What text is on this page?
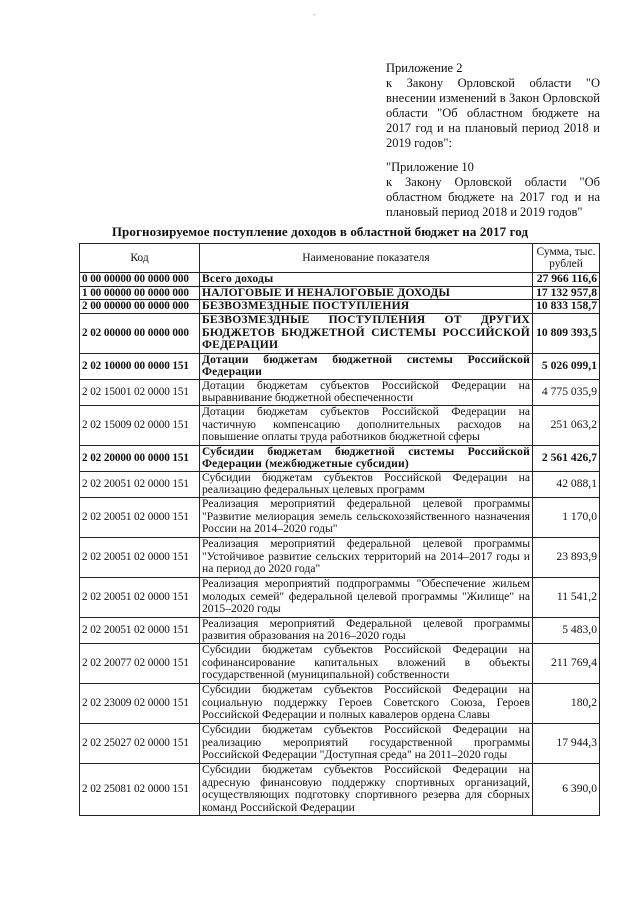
-

Приложение 2

к Закону Орловской области "О внесении изменений в Закон Орловской области "Об областном бюджете на 2017 год и на плановый период 2018 и 2019 годов":

"Приложение 10

к Закону Орловской области "Об областном бюджете на 2017 год и на плановый период 2018 и 2019 годов"

Прогнозируемое поступление доходов в областной бюджет на 2017 год
Код	Наименование показателя	Сумма, тыс. рублей
0 00 00000 00 0000 000	Всего доходы	27 966 116,6
1 00 00000 00 0000 000	НАЛОГОВЫЕ И НЕНАЛОГОВЫЕ ДОХОДЫ	17 132 957,8
2 00 00000 00 0000 000	БЕЗВОЗМЕЗДНЫЕ ПОСТУПЛЕНИЯ	10 833 158,7
2 02 00000 00 0000 000	БЕЗВОЗМЕЗДНЫЕ ПОСТУПЛЕНИЯ ОТ ДРУГИХ БЮДЖЕТОВ БЮДЖЕТНОЙ СИСТЕМЫ РОССИЙСКОЙ ФЕДЕРАЦИИ	10 809 393,5
2 02 10000 00 0000 151	Дотации бюджетам бюджетной системы Российской Федерации	5 026 099,1
2 02 15001 02 0000 151	Дотации бюджетам субъектов Российской Федерации на выравнивание бюджетной обеспеченности	4 775 035,9
2 02 15009 02 0000 151	Дотации бюджетам субъектов Российской Федерации на частичную компенсацию дополнительных расходов на повышение оплаты труда работников бюджетной сферы	251 063,2
2 02 20000 00 0000 151	Субсидии бюджетам бюджетной системы Российской Федерации (межбюджетные субсидии)	2 561 426,7
2 02 20051 02 0000 151	Субсидии бюджетам субъектов Российской Федерации на реализацию федеральных целевых программ	42 088,1
2 02 20051 02 0000 151	Реализация мероприятий федеральной целевой программы "Развитие мелиорация земель сельскохозяйственного назначения России на 2014–2020 годы"	1 170,0
2 02 20051 02 0000 151	Реализация мероприятий федеральной целевой программы "Устойчивое развитие сельских территорий на 2014–2017 годы и на период до 2020 года"	23 893,9
2 02 20051 02 0000 151	Реализация мероприятий подпрограммы "Обеспечение жильем молодых семей" федеральной целевой программы "Жилище" на 2015–2020 годы	11 541,2
2 02 20051 02 0000 151	Реализация мероприятий Федеральной целевой программы развития образования на 2016–2020 годы	5 483,0
2 02 20077 02 0000 151	Субсидии бюджетам субъектов Российской Федерации на софинансирование капитальных вложений в объекты государственной (муниципальной) собственности	211 769,4
2 02 23009 02 0000 151	Субсидии бюджетам субъектов Российской Федерации на социальную поддержку Героев Советского Союза, Героев Российской Федерации и полных кавалеров ордена Славы	180,2
2 02 25027 02 0000 151	Субсидии бюджетам субъектов Российской Федерации на реализацию мероприятий государственной программы Российской Федерации "Доступная среда" на 2011–2020 годы	17 944,3
2 02 25081 02 0000 151	Субсидии бюджетам субъектов Российской Федерации на адресную финансовую поддержку спортивных организаций, осуществляющих подготовку спортивного резерва для сборных команд Российской Федерации	6 390,0
